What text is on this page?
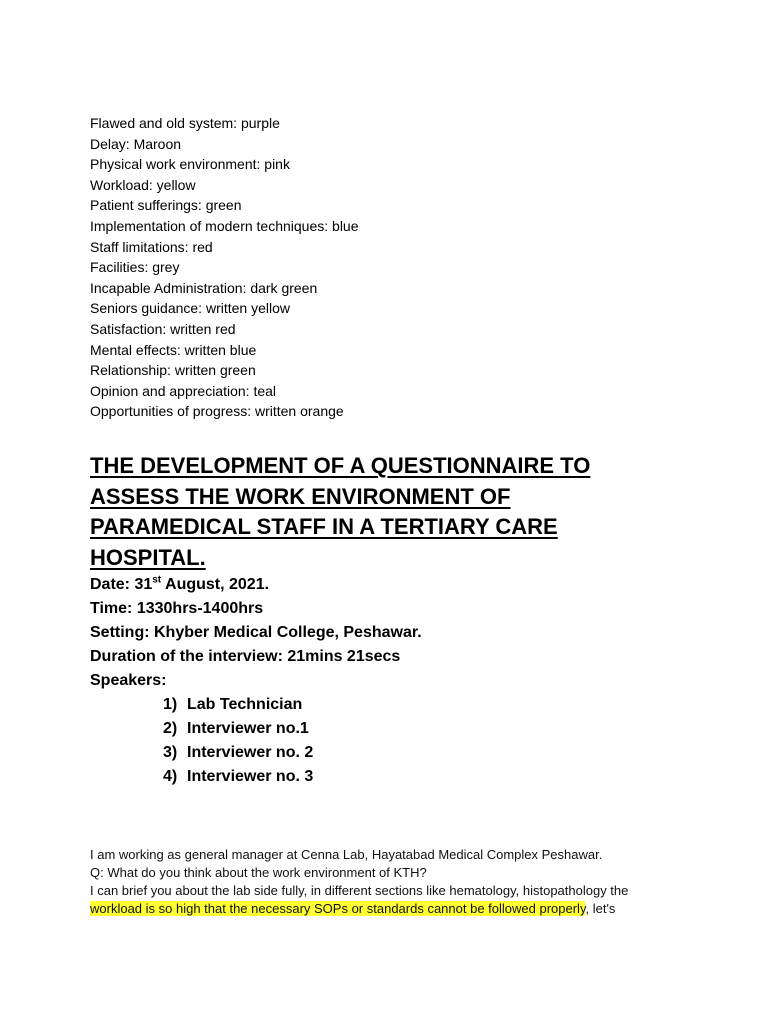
Flawed and old system: purple
Delay: Maroon
Physical work environment: pink
Workload: yellow
Patient sufferings: green
Implementation of modern techniques: blue
Staff limitations: red
Facilities: grey
Incapable Administration: dark green
Seniors guidance: written yellow
Satisfaction: written red
Mental effects: written blue
Relationship: written green
Opinion and appreciation: teal
Opportunities of progress: written orange
THE DEVELOPMENT OF A QUESTIONNAIRE TO
ASSESS THE WORK ENVIRONMENT OF
PARAMEDICAL STAFF IN A TERTIARY CARE
HOSPITAL.
Date: 31st August, 2021.
Time: 1330hrs-1400hrs
Setting: Khyber Medical College, Peshawar.
Duration of the interview: 21mins 21secs
Speakers:
1) Lab Technician
2) Interviewer no.1
3) Interviewer no. 2
4) Interviewer no. 3
I am working as general manager at Cenna Lab, Hayatabad Medical Complex Peshawar.
Q: What do you think about the work environment of KTH?
I can brief you about the lab side fully, in different sections like hematology, histopathology the
workload is so high that the necessary SOPs or standards cannot be followed properly, let's
